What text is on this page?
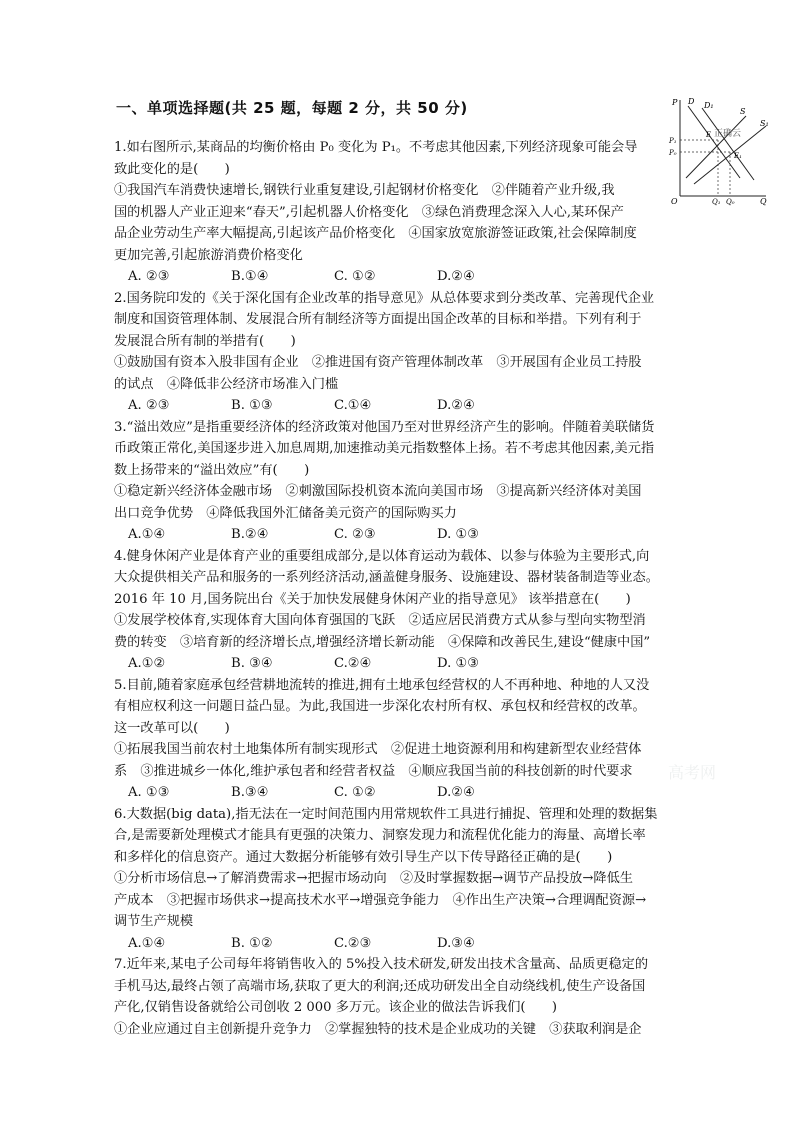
一、单项选择题(共 25 题，每题 2 分，共 50 分)	P D D₁
S
S₁
P₁
P₀
E
E₁
O	Q₁ Q₀	Q
正确云

1.如右图所示,某商品的均衡价格由 P₀ 变化为 P₁。不考虑其他因素,下列经济现象可能会导

致此变化的是(　　)

①我国汽车消费快速增长,钢铁行业重复建设,引起钢材价格变化　②伴随着产业升级,我

国的机器人产业正迎来“春天”,引起机器人价格变化　③绿色消费理念深入人心,某环保产

品企业劳动生产率大幅提高,引起该产品价格变化　④国家放宽旅游签证政策,社会保障制度

更加完善,引起旅游消费价格变化

A. ②③	B.①④	C. ①②	D.②④

2.国务院印发的《关于深化国有企业改革的指导意见》从总体要求到分类改革、完善现代企业

制度和国资管理体制、发展混合所有制经济等方面提出国企改革的目标和举措。下列有利于

发展混合所有制的举措有(　　)

①鼓励国有资本入股非国有企业　②推进国有资产管理体制改革　③开展国有企业员工持股

的试点　④降低非公经济市场准入门槛

A. ②③	B. ①③	C.①④	D.②④

3.“溢出效应”是指重要经济体的经济政策对他国乃至对世界经济产生的影响。伴随着美联储货

币政策正常化,美国逐步进入加息周期,加速推动美元指数整体上扬。若不考虑其他因素,美元指

数上扬带来的“溢出效应”有(　　)

①稳定新兴经济体金融市场　②刺激国际投机资本流向美国市场　③提高新兴经济体对美国

出口竞争优势　④降低我国外汇储备美元资产的国际购买力

A.①④	B.②④	C. ②③	D. ①③

4.健身休闲产业是体育产业的重要组成部分,是以体育运动为载体、以参与体验为主要形式,向

大众提供相关产品和服务的一系列经济活动,涵盖健身服务、设施建设、器材装备制造等业态。

2016 年 10 月,国务院出台《关于加快发展健身休闲产业的指导意见》 该举措意在(　　)

①发展学校体育,实现体育大国向体育强国的飞跃　②适应居民消费方式从参与型向实物型消

费的转变　③培育新的经济增长点,增强经济增长新动能　④保障和改善民生,建设“健康中国”

A.①②	B. ③④	C.②④	D. ①③

5.目前,随着家庭承包经营耕地流转的推进,拥有土地承包经营权的人不再种地、种地的人又没

有相应权利这一问题日益凸显。为此,我国进一步深化农村所有权、承包权和经营权的改革。

这一改革可以(　　)

①拓展我国当前农村土地集体所有制实现形式　②促进土地资源利用和构建新型农业经营体

系　③推进城乡一体化,维护承包者和经营者权益　④顺应我国当前的科技创新的时代要求

A. ①③	B.③④	C. ①②	D.②④

6.大数据(big data),指无法在一定时间范围内用常规软件工具进行捕捉、管理和处理的数据集

合,是需要新处理模式才能具有更强的决策力、洞察发现力和流程优化能力的海量、高增长率

和多样化的信息资产。通过大数据分析能够有效引导生产以下传导路径正确的是(　　)

①分析市场信息→了解消费需求→把握市场动向　②及时掌握数据→调节产品投放→降低生

产成本　③把握市场供求→提高技术水平→增强竞争能力　④作出生产决策→合理调配资源→

调节生产规模

A.①④	B. ①②	C.②③	D.③④

7.近年来,某电子公司每年将销售收入的 5%投入技术研发,研发出技术含量高、品质更稳定的

手机马达,最终占领了高端市场,获取了更大的利润;还成功研发出全自动绕线机,使生产设备国

产化,仅销售设备就给公司创收 2 000 多万元。该企业的做法告诉我们(　　)

①企业应通过自主创新提升竞争力　②掌握独特的技术是企业成功的关键　③获取利润是企

高考网
